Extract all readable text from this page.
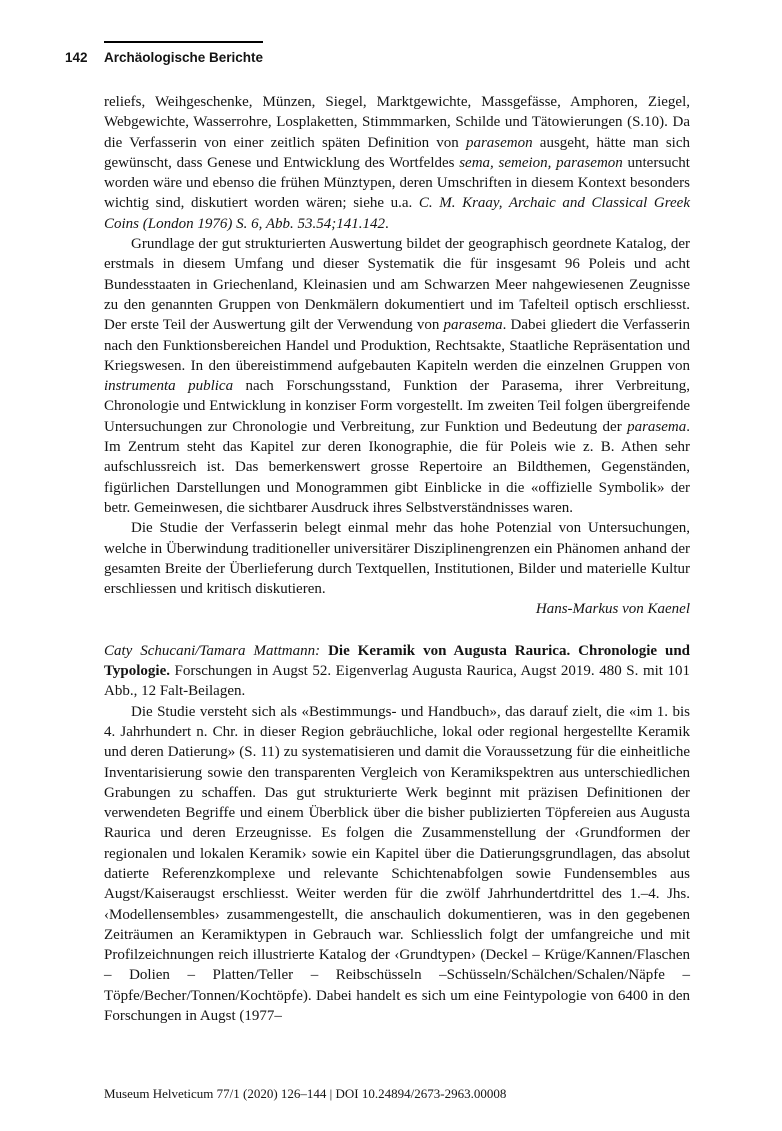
142 Archäologische Berichte

reliefs, Weihgeschenke, Münzen, Siegel, Marktgewichte, Massgefässe, Amphoren, Ziegel, Webgewichte, Wasserrohre, Losplaketten, Stimmmarken, Schilde und Tätowierungen (S.10). Da die Verfasserin von einer zeitlich späten Definition von parasemon ausgeht, hätte man sich gewünscht, dass Genese und Entwicklung des Wortfeldes sema, semeion, parasemon untersucht worden wäre und ebenso die frühen Münztypen, deren Umschriften in diesem Kontext besonders wichtig sind, diskutiert worden wären; siehe u.a. C. M. Kraay, Archaic and Classical Greek Coins (London 1976) S. 6, Abb. 53.54;141.142.

Grundlage der gut strukturierten Auswertung bildet der geographisch geordnete Katalog, der erstmals in diesem Umfang und dieser Systematik die für insgesamt 96 Poleis und acht Bundesstaaten in Griechenland, Kleinasien und am Schwarzen Meer nahgewiesenen Zeugnisse zu den genannten Gruppen von Denkmälern dokumentiert und im Tafelteil optisch erschliesst. Der erste Teil der Auswertung gilt der Verwendung von parasema. Dabei gliedert die Verfasserin nach den Funktionsbereichen Handel und Produktion, Rechtsakte, Staatliche Repräsentation und Kriegswesen. In den übereistimmend aufgebauten Kapiteln werden die einzelnen Gruppen von instrumenta publica nach Forschungsstand, Funktion der Parasema, ihrer Verbreitung, Chronologie und Entwicklung in konziser Form vorgestellt. Im zweiten Teil folgen übergreifende Untersuchungen zur Chronologie und Verbreitung, zur Funktion und Bedeutung der parasema. Im Zentrum steht das Kapitel zur deren Ikonographie, die für Poleis wie z. B. Athen sehr aufschlussreich ist. Das bemerkenswert grosse Repertoire an Bildthemen, Gegenständen, figürlichen Darstellungen und Monogrammen gibt Einblicke in die «offizielle Symbolik» der betr. Gemeinwesen, die sichtbarer Ausdruck ihres Selbstverständnisses waren.

Die Studie der Verfasserin belegt einmal mehr das hohe Potenzial von Untersuchungen, welche in Überwindung traditioneller universitärer Disziplinengrenzen ein Phänomen anhand der gesamten Breite der Überlieferung durch Textquellen, Institutionen, Bilder und materielle Kultur erschliessen und kritisch diskutieren.

Hans-Markus von Kaenel

Caty Schucani/Tamara Mattmann: Die Keramik von Augusta Raurica. Chronologie und Typologie. Forschungen in Augst 52. Eigenverlag Augusta Raurica, Augst 2019. 480 S. mit 101 Abb., 12 Falt-Beilagen.

Die Studie versteht sich als «Bestimmungs- und Handbuch», das darauf zielt, die «im 1. bis 4. Jahrhundert n. Chr. in dieser Region gebräuchliche, lokal oder regional hergestellte Keramik und deren Datierung» (S. 11) zu systematisieren und damit die Voraussetzung für die einheitliche Inventarisierung sowie den transparenten Vergleich von Keramikspektren aus unterschiedlichen Grabungen zu schaffen. Das gut strukturierte Werk beginnt mit präzisen Definitionen der verwendeten Begriffe und einem Überblick über die bisher publizierten Töpfereien aus Augusta Raurica und deren Erzeugnisse. Es folgen die Zusammenstellung der ‹Grundformen der regionalen und lokalen Keramik› sowie ein Kapitel über die Datierungsgrundlagen, das absolut datierte Referenzkomplexe und relevante Schichtenabfolgen sowie Fundensembles aus Augst/Kaiseraugst erschliesst. Weiter werden für die zwölf Jahrhundertdrittel des 1.–4. Jhs. ‹Modellensembles› zusammengestellt, die anschaulich dokumentieren, was in den gegebenen Zeiträumen an Keramiktypen in Gebrauch war. Schliesslich folgt der umfangreiche und mit Profilzeichnungen reich illustrierte Katalog der ‹Grundtypen› (Deckel – Krüge/Kannen/Flaschen – Dolien – Platten/Teller – Reibschüsseln –Schüsseln/Schälchen/Schalen/Näpfe – Töpfe/Becher/Tonnen/Kochtöpfe). Dabei handelt es sich um eine Feintypologie von 6400 in den Forschungen in Augst (1977–

Museum Helveticum 77/1 (2020) 126–144 | DOI 10.24894/2673-2963.00008
